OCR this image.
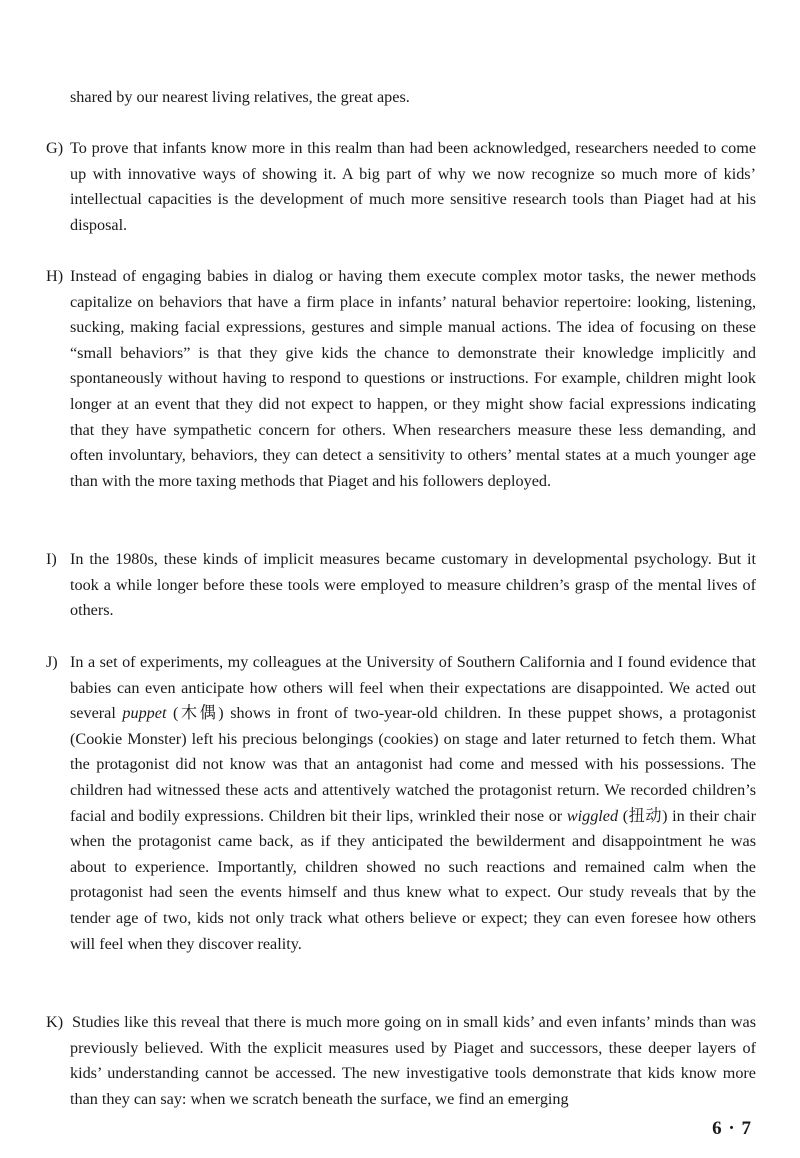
shared by our nearest living relatives, the great apes.

G) To prove that infants know more in this realm than had been acknowledged, researchers needed to come up with innovative ways of showing it. A big part of why we now recognize so much more of kids’ intellectual capacities is the development of much more sensitive research tools than Piaget had at his disposal.

H) Instead of engaging babies in dialog or having them execute complex motor tasks, the newer methods capitalize on behaviors that have a firm place in infants’ natural behavior repertoire: looking, listening, sucking, making facial expressions, gestures and simple manual actions. The idea of focusing on these “small behaviors” is that they give kids the chance to demonstrate their knowledge implicitly and spontaneously without having to respond to questions or instructions. For example, children might look longer at an event that they did not expect to happen, or they might show facial expressions indicating that they have sympathetic concern for others. When researchers measure these less demanding, and often involuntary, behaviors, they can detect a sensitivity to others’ mental states at a much younger age than with the more taxing methods that Piaget and his followers deployed.

I) In the 1980s, these kinds of implicit measures became customary in developmental psychology. But it took a while longer before these tools were employed to measure children’s grasp of the mental lives of others.

J) In a set of experiments, my colleagues at the University of Southern California and I found evidence that babies can even anticipate how others will feel when their expectations are disappointed. We acted out several puppet (木偶) shows in front of two-year-old children. In these puppet shows, a protagonist (Cookie Monster) left his precious belongings (cookies) on stage and later returned to fetch them. What the protagonist did not know was that an antagonist had come and messed with his possessions. The children had witnessed these acts and attentively watched the protagonist return. We recorded children’s facial and bodily expressions. Children bit their lips, wrinkled their nose or wiggled (扭动) in their chair when the protagonist came back, as if they anticipated the bewilderment and disappointment he was about to experience. Importantly, children showed no such reactions and remained calm when the protagonist had seen the events himself and thus knew what to expect. Our study reveals that by the tender age of two, kids not only track what others believe or expect; they can even foresee how others will feel when they discover reality.

K) Studies like this reveal that there is much more going on in small kids’ and even infants’ minds than was previously believed. With the explicit measures used by Piaget and successors, these deeper layers of kids’ understanding cannot be accessed. The new investigative tools demonstrate that kids know more than they can say: when we scratch beneath the surface, we find an emerging

6 · 7
